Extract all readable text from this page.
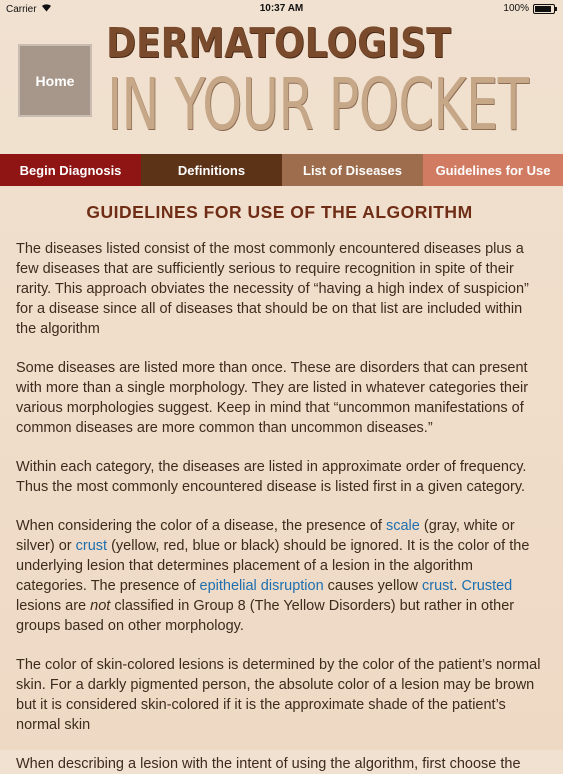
Carrier	10:37 AM	100%
Home
DERMATOLOGIST
IN YOUR POCKET
Begin Diagnosis	Definitions	List of Diseases	Guidelines for Use
GUIDELINES FOR USE OF THE ALGORITHM

The diseases listed consist of the most commonly encountered diseases plus a few diseases that are sufficiently serious to require recognition in spite of their rarity. This approach obviates the necessity of “having a high index of suspicion” for a disease since all of diseases that should be on that list are included within the algorithm

Some diseases are listed more than once. These are disorders that can present with more than a single morphology. They are listed in whatever categories their various morphologies suggest. Keep in mind that “uncommon manifestations of common diseases are more common than uncommon diseases.”

Within each category, the diseases are listed in approximate order of frequency. Thus the most commonly encountered disease is listed first in a given category.

When considering the color of a disease, the presence of scale (gray, white or silver) or crust (yellow, red, blue or black) should be ignored. It is the color of the underlying lesion that determines placement of a lesion in the algorithm categories. The presence of epithelial disruption causes yellow crust. Crusted lesions are not classified in Group 8 (The Yellow Disorders) but rather in other groups based on other morphology.

The color of skin-colored lesions is determined by the color of the patient’s normal skin. For a darkly pigmented person, the absolute color of a lesion may be brown but it is considered skin-colored if it is the approximate shade of the patient’s normal skin

When describing a lesion with the intent of using the algorithm, first choose the
